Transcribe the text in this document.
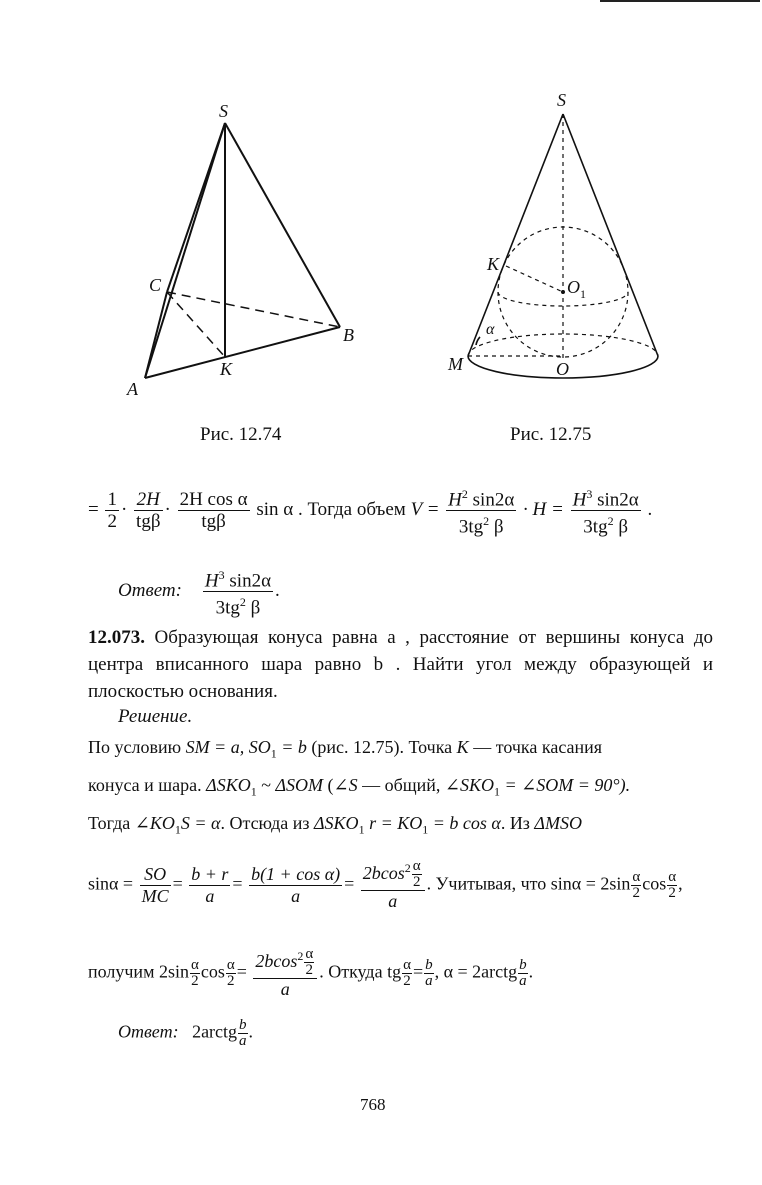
S
C
B
K
A
S
K
O 1
α
M	O
Рис. 12.74	Рис. 12.75
= $\frac{1}{2} \cdot \frac{2H}{\text{tgβ}} \cdot \frac{\text{2H cos α}}{\text{tgβ}}$ sin α . Тогда объем $V = \frac{H^2 \sin 2\alpha}{3tg^2 \beta} \cdot H = \frac{H^3 \sin 2\alpha}{3tg^2 \beta}$ .
Ответ: $\frac{H^3 \sin 2\alpha}{3tg^2 \beta}$ .
12.073. Образующая конуса равна a , расстояние от вершины конуса до центра вписанного шара равно b . Найти угол между образующей и плоскостью основания.
Решение.
По условию SM = a, $SO_1 = b$ (рис. 12.75). Точка K — точка касания
конуса и шара. $\Delta SKO_1$ ~ ΔSOM (∠S — общий, $\angle SKO_1$ = ∠SOM = 90°).
Тогда $\angle KO_1S = \alpha$. Отсюда из $\Delta SKO_1$ $r = KO_1 = b$ cos α. Из ΔMSO
$\sin\alpha = \frac{SO}{MC} = \frac{b + r}{a} = \frac{\text{b(1 + cos α)}}{a} = \frac{2bcos^2 \frac{\alpha}{2}}{a}$ . Учитывая, что $\sin\alpha = 2\sin \frac{\alpha}{2}$ $\cos \frac{\alpha}{2}$ ,
получим $2\sin \frac{\alpha}{2}$ $\cos \frac{\alpha}{2} = \frac{2bcos^2 \frac{\alpha}{2}}{a}$ . Откуда tg $\frac{\alpha}{2} = \frac{b}{a}$ , α = 2arctg $\frac{b}{a}$ .
Ответ: 2arctg $\frac{b}{a}$ .
768
